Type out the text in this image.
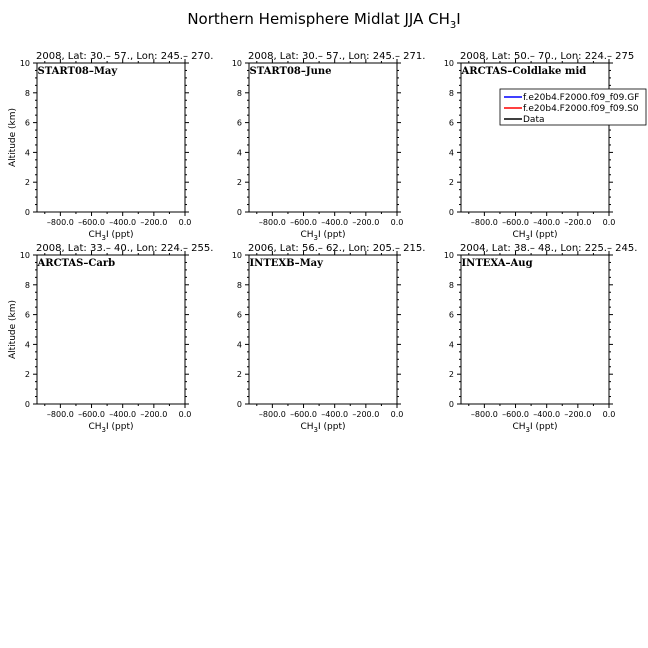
Northern Hemisphere Midlat JJA $CH_3I$
2008, Lat: 30.– 57., Lon: 245.– 270.
START08–May
0
2
4
6
8
10
–800.0 –600.0 –400.0 –200.0 0.0
$CH_3I$ (ppt)
Altitude (km)
2008, Lat: 30.– 57., Lon: 245.– 271.
START08–June
0
2
4
6
8
10
–800.0 –600.0 –400.0 –200.0 0.0
$CH_3I$ (ppt)
2008, Lat: 50.– 70., Lon: 224.– 275
ARCTAS–Coldlake mid
0
2
4
6
8
10
–800.0 –600.0 –400.0 –200.0 0.0
$CH_3I$ (ppt)
f.e20b4.F2000.f09_f09.GF
f.e20b4.F2000.f09_f09.S0
Data
2008, Lat: 33.– 40., Lon: 224.– 255.
ARCTAS–Carb
0
2
4
6
8
10
–800.0 –600.0 –400.0 –200.0 0.0
$CH_3I$ (ppt)
Altitude (km)
2006, Lat: 56.– 62., Lon: 205.– 215.
INTEXB–May
0
2
4
6
8
10
–800.0 –600.0 –400.0 –200.0 0.0
$CH_3I$ (ppt)
2004, Lat: 38.– 48., Lon: 225.– 245.
INTEXA–Aug
0
2
4
6
8
10
–800.0 –600.0 –400.0 –200.0 0.0
$CH_3I$ (ppt)
